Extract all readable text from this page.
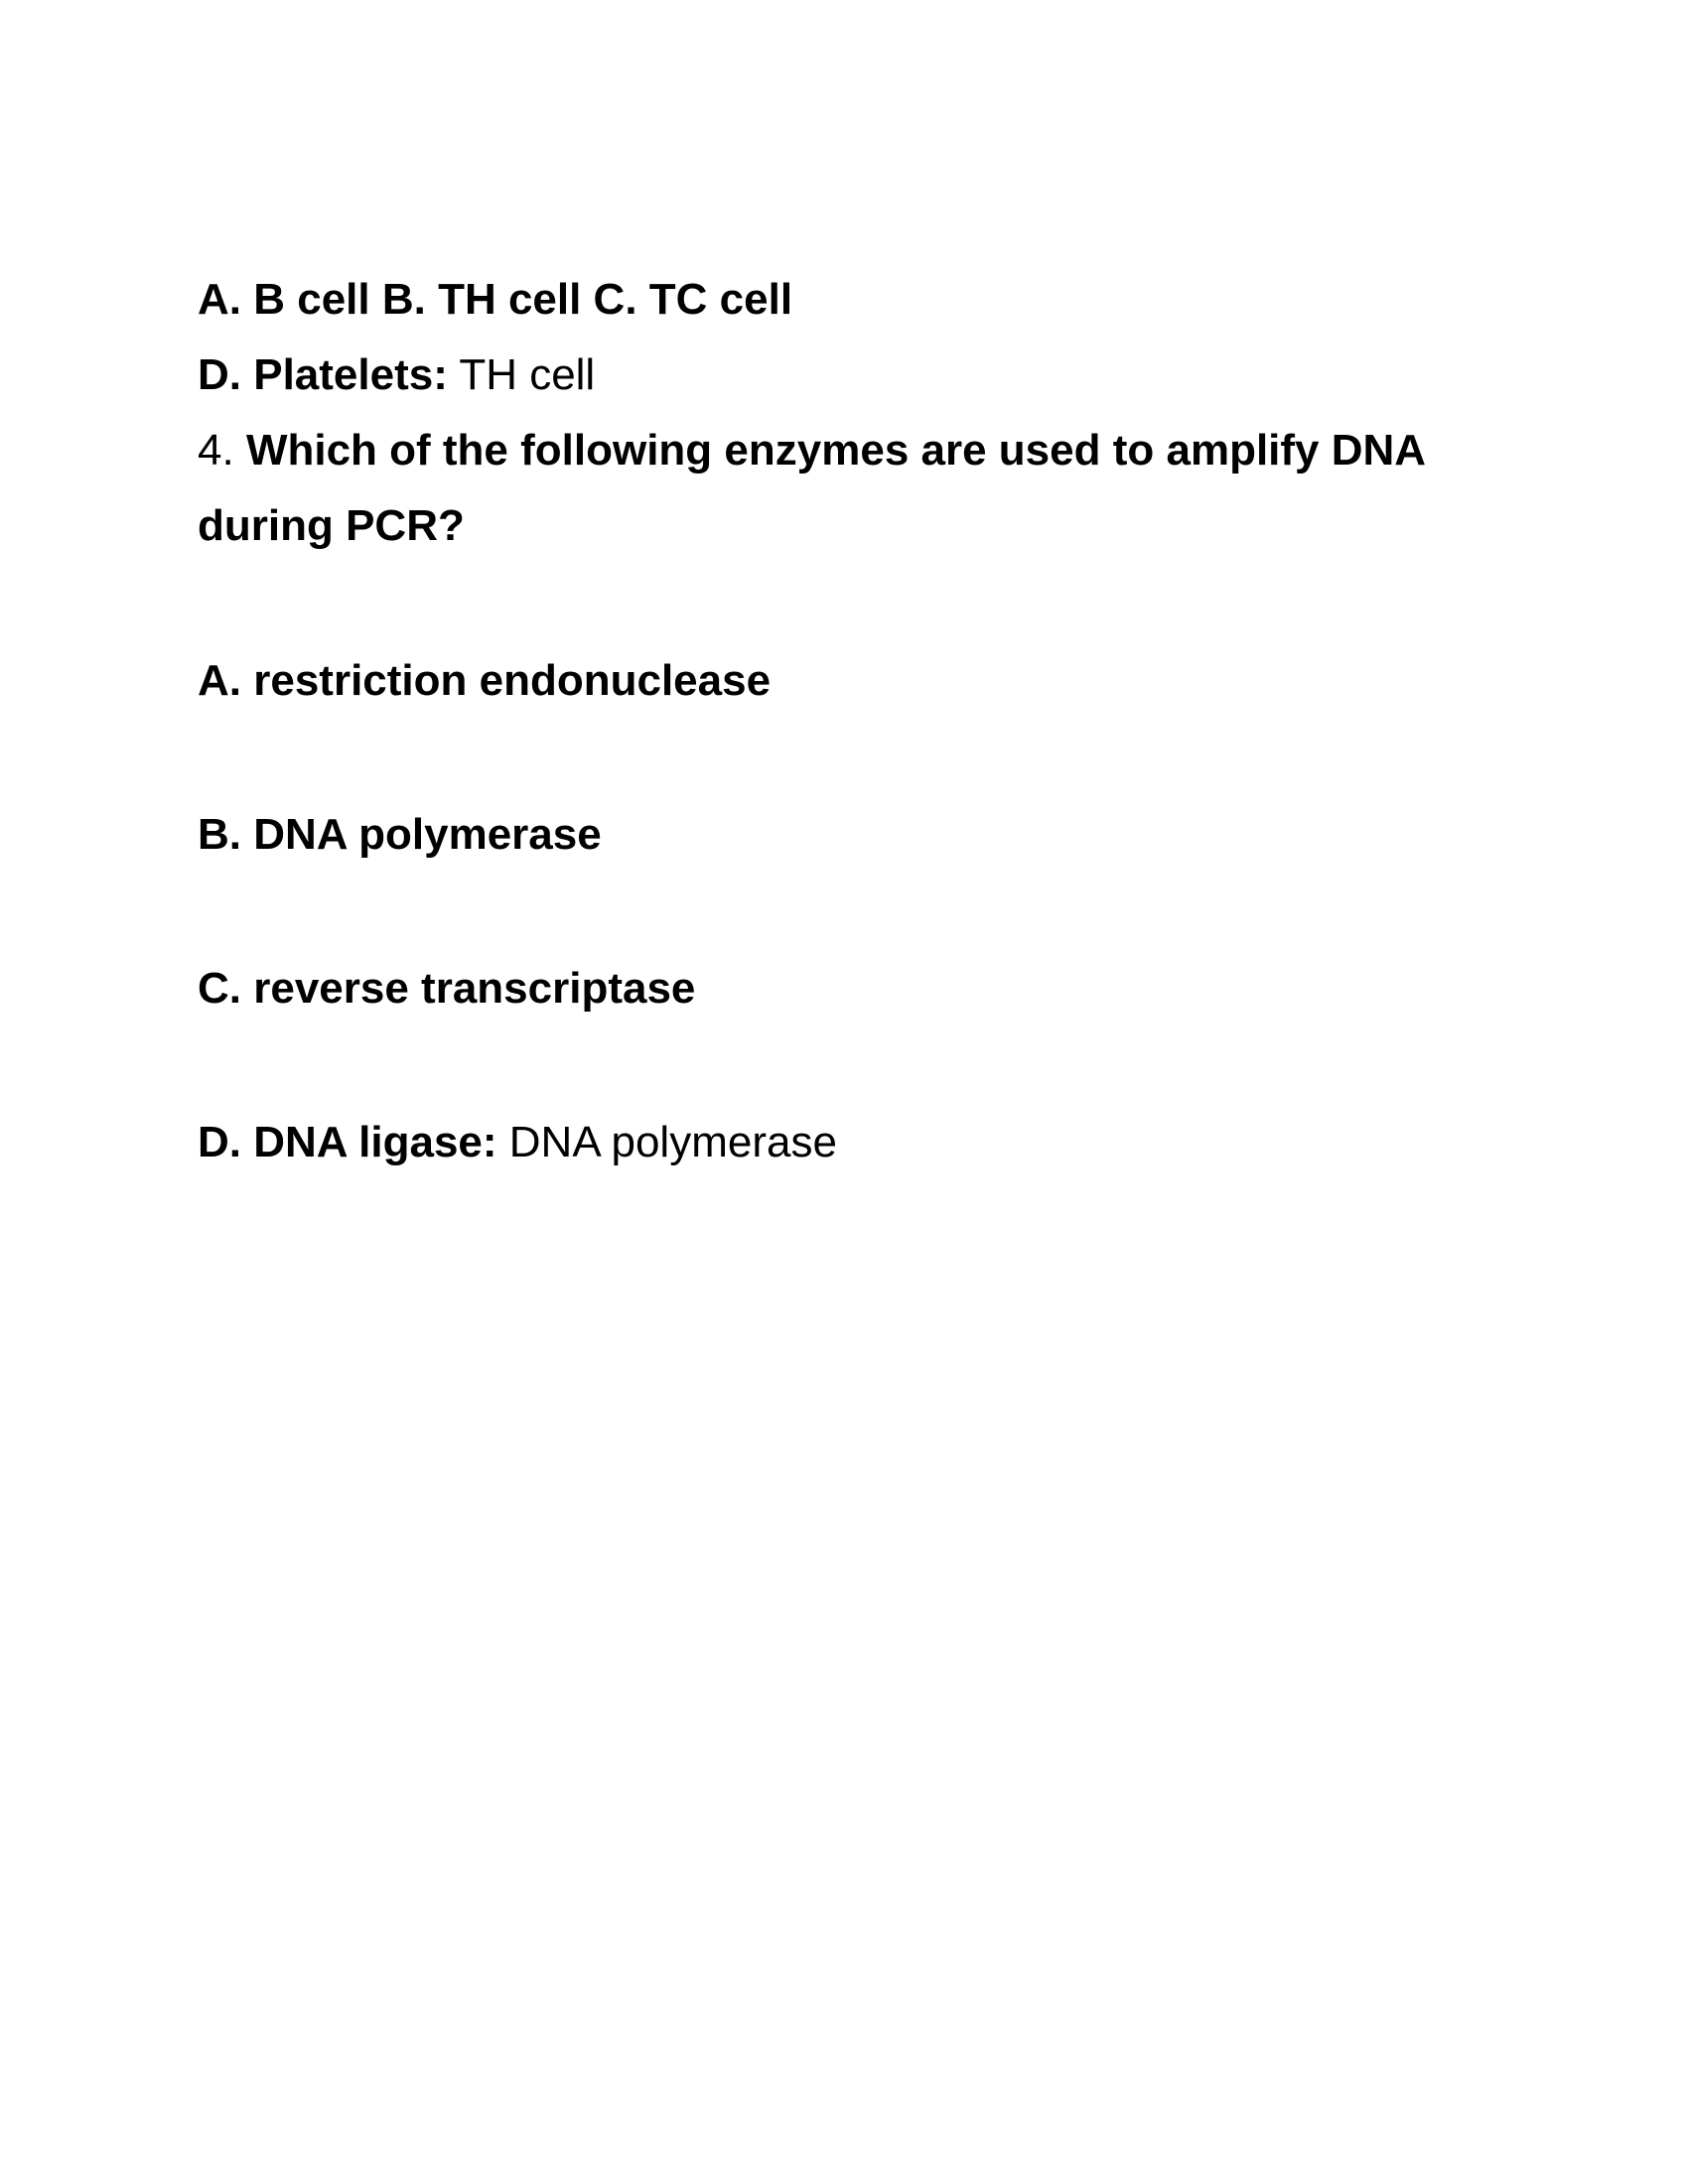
A. B cell B. TH cell C. TC cell
D. Platelets: TH cell
4. Which of the following enzymes are used to amplify DNA
during PCR?
A. restriction endonuclease
B. DNA polymerase
C. reverse transcriptase
D. DNA ligase: DNA polymerase
